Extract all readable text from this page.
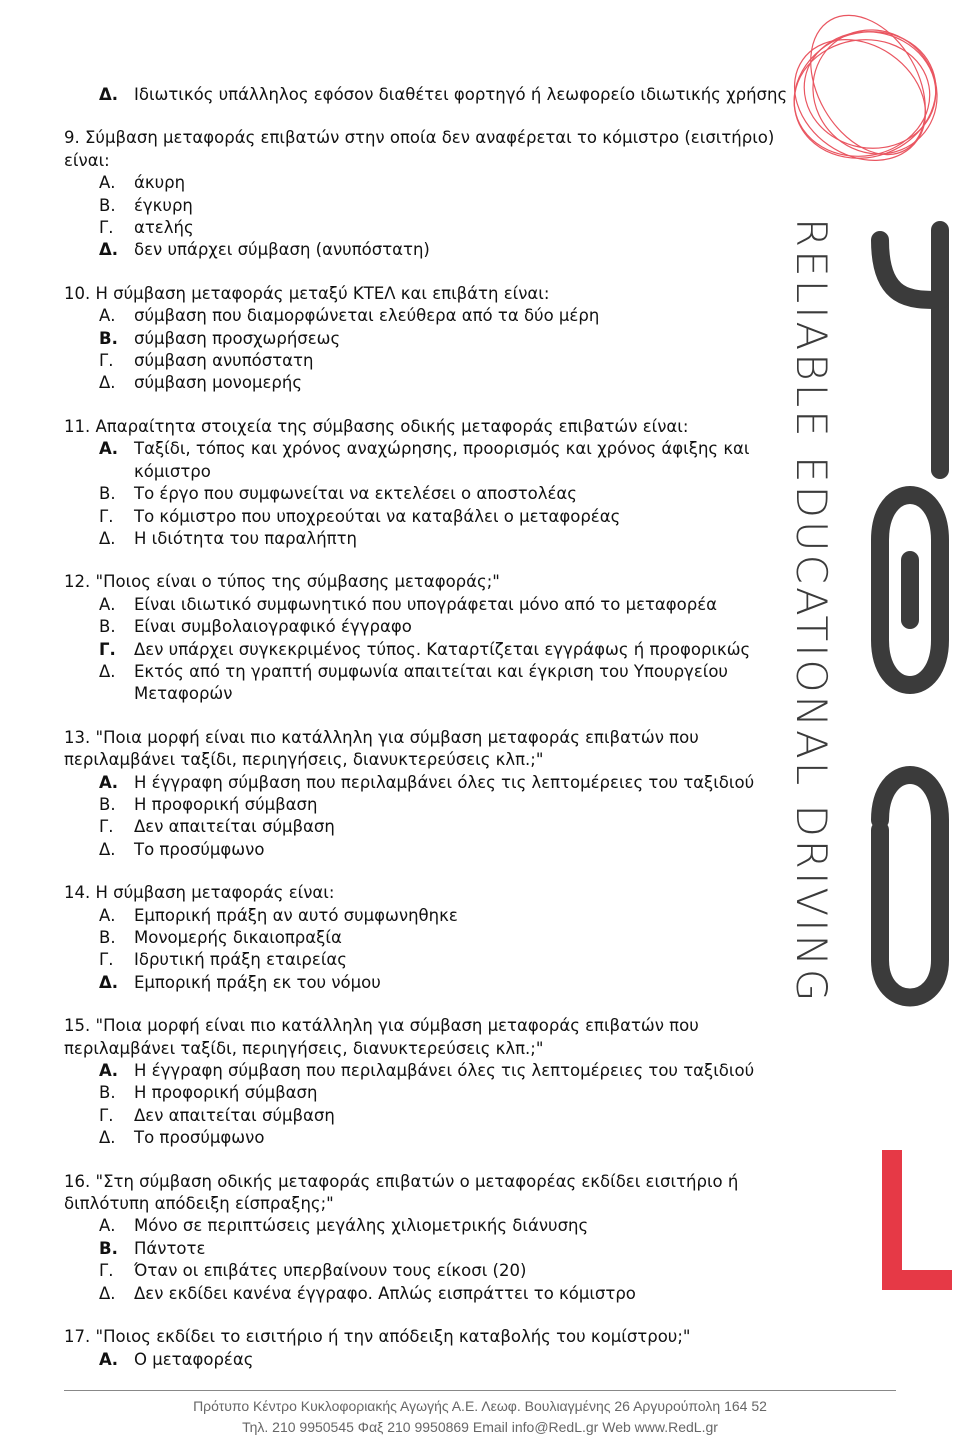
RELIABLE EDUCATIONAL DRIVING
Δ. Ιδιωτικός υπάλληλος εφόσον διαθέτει φορτηγό ή λεωφορείο ιδιωτικής χρήσης

9. Σύμβαση μεταφοράς επιβατών στην οποία δεν αναφέρεται το κόμιστρο (εισιτήριο) είναι:

Α.	άκυρη
Β.	έγκυρη
Γ.	ατελής
Δ. δεν υπάρχει σύμβαση (ανυπόστατη)

10. Η σύμβαση μεταφοράς μεταξύ ΚΤΕΛ και επιβάτη είναι:

Α.	σύμβαση που διαμορφώνεται ελεύθερα από τα δύο μέρη
Β. σύμβαση προσχωρήσεως
Γ.	σύμβαση ανυπόστατη
Δ.	σύμβαση μονομερής

11. Απαραίτητα στοιχεία της σύμβασης οδικής μεταφοράς επιβατών είναι:

Α. Ταξίδι, τόπος και χρόνος αναχώρησης, προορισμός και χρόνος άφιξης και κόμιστρο
Β.	Το έργο που συμφωνείται να εκτελέσει ο αποστολέας
Γ.	Το κόμιστρο που υποχρεούται να καταβάλει ο μεταφορέας
Δ.	Η ιδιότητα του παραλήπτη

12. "Ποιος είναι ο τύπος της σύμβασης μεταφοράς;"

Α.	Είναι ιδιωτικό συμφωνητικό που υπογράφεται μόνο από το μεταφορέα
Β.	Είναι συμβολαιογραφικό έγγραφο
Γ.	Δεν υπάρχει συγκεκριμένος τύπος. Καταρτίζεται εγγράφως ή προφορικώς
Δ.	Εκτός από τη γραπτή συμφωνία απαιτείται και έγκριση του Υπουργείου Μεταφορών

13. "Ποια μορφή είναι πιο κατάλληλη για σύμβαση μεταφοράς επιβατών που περιλαμβάνει ταξίδι, περιηγήσεις, διανυκτερεύσεις κλπ.;"

Α. Η έγγραφη σύμβαση που περιλαμβάνει όλες τις λεπτομέρειες του ταξιδιού
Β.	Η προφορική σύμβαση
Γ.	Δεν απαιτείται σύμβαση
Δ.	Το προσύμφωνο

14. Η σύμβαση μεταφοράς είναι:

Α.	Εμπορική πράξη αν αυτό συμφωνηθηκε
Β.	Μονομερής δικαιοπραξία
Γ.	Ιδρυτική πράξη εταιρείας
Δ. Εμπορική πράξη εκ του νόμου

15. "Ποια μορφή είναι πιο κατάλληλη για σύμβαση μεταφοράς επιβατών που περιλαμβάνει ταξίδι, περιηγήσεις, διανυκτερεύσεις κλπ.;"

Α. Η έγγραφη σύμβαση που περιλαμβάνει όλες τις λεπτομέρειες του ταξιδιού
Β.	Η προφορική σύμβαση
Γ.	Δεν απαιτείται σύμβαση
Δ.	Το προσύμφωνο

16. "Στη σύμβαση οδικής μεταφοράς επιβατών ο μεταφορέας εκδίδει εισιτήριο ή διπλότυπη απόδειξη είσπραξης;"

Α.	Μόνο σε περιπτώσεις μεγάλης χιλιομετρικής διάνυσης
Β. Πάντοτε
Γ.	Όταν οι επιβάτες υπερβαίνουν τους είκοσι (20)
Δ.	Δεν εκδίδει κανένα έγγραφο. Απλώς εισπράττει το κόμιστρο

17. "Ποιος εκδίδει το εισιτήριο ή την απόδειξη καταβολής του κομίστρου;"

Α. Ο μεταφορέας
Πρότυπο Κέντρο Κυκλοφοριακής Αγωγής Α.Ε. Λεωφ. Βουλιαγμένης 26 Αργυρούπολη 164 52
Τηλ. 210 9950545 Φαξ 210 9950869 Email info@RedL.gr Web www.RedL.gr
